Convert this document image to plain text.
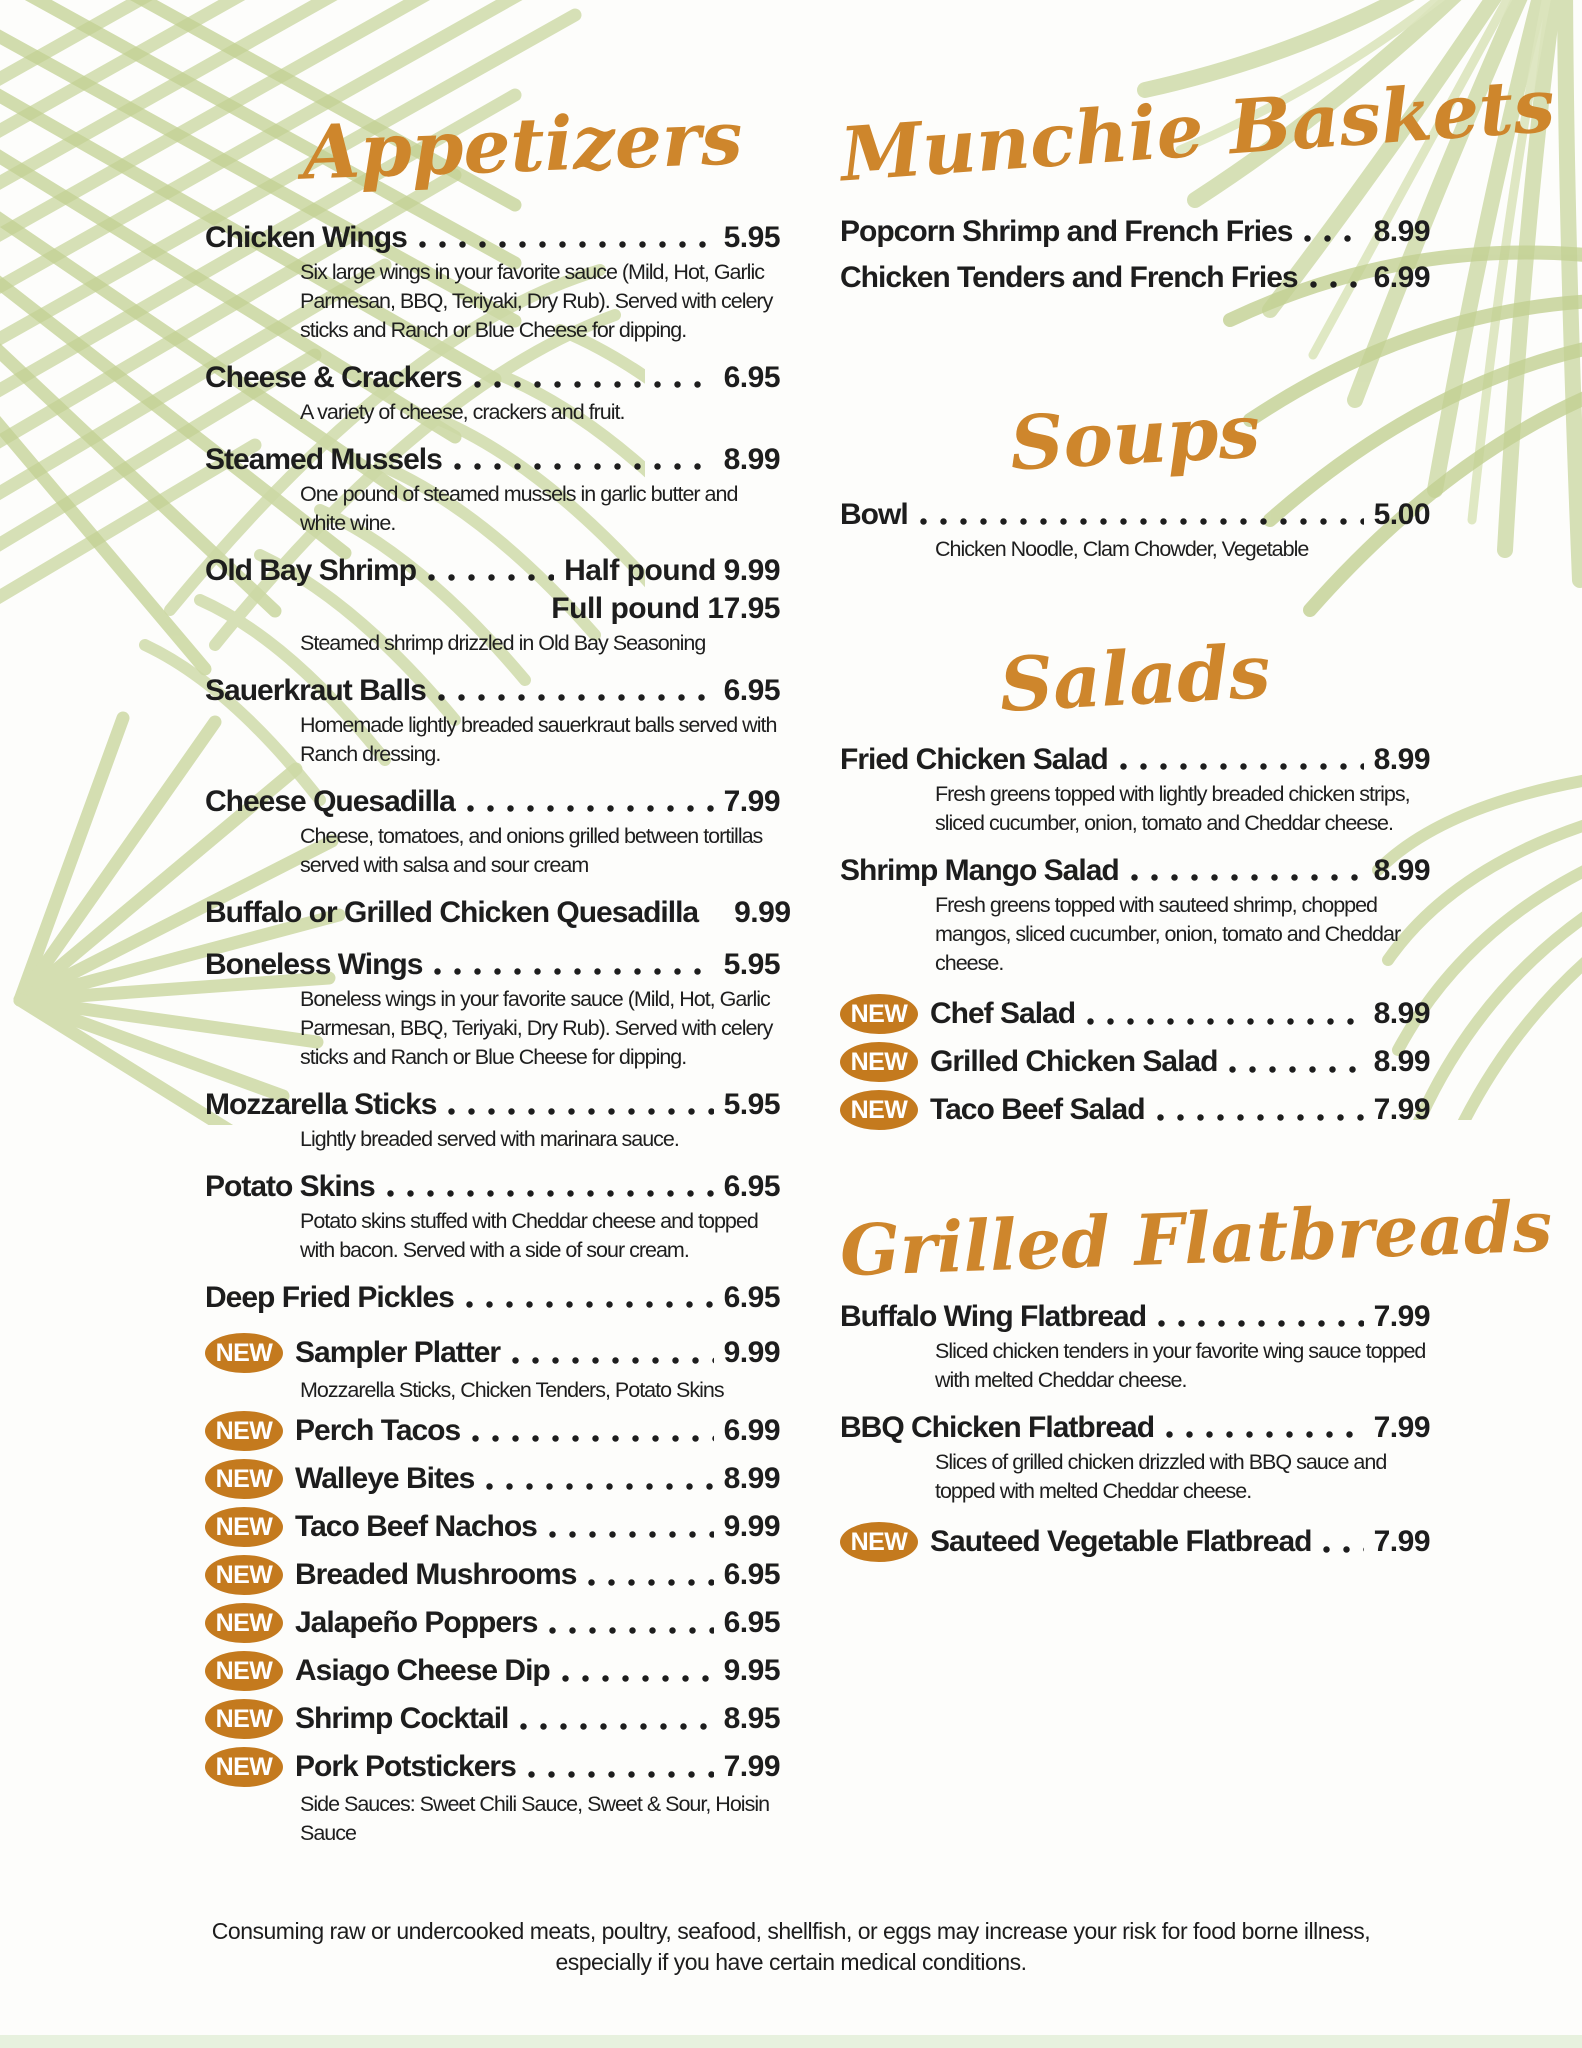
Appetizers
Chicken Wings	5.95
Six large wings in your favorite sauce (Mild, Hot, Garlic Parmesan, BBQ, Teriyaki, Dry Rub). Served with celery sticks and Ranch or Blue Cheese for dipping.
Cheese & Crackers	6.95
A variety of cheese, crackers and fruit.
Steamed Mussels	8.99
One pound of steamed mussels in garlic butter and white wine.
Old Bay Shrimp	Half pound 9.99
Full pound 17.95
Steamed shrimp drizzled in Old Bay Seasoning
Sauerkraut Balls	6.95
Homemade lightly breaded sauerkraut balls served with Ranch dressing.
Cheese Quesadilla	7.99
Cheese, tomatoes, and onions grilled between tortillas served with salsa and sour cream
Buffalo or Grilled Chicken Quesadilla 9.99
Boneless Wings	5.95
Boneless wings in your favorite sauce (Mild, Hot, Garlic Parmesan, BBQ, Teriyaki, Dry Rub). Served with celery sticks and Ranch or Blue Cheese for dipping.
Mozzarella Sticks	5.95
Lightly breaded served with marinara sauce.
Potato Skins	6.95
Potato skins stuffed with Cheddar cheese and topped with bacon. Served with a side of sour cream.
Deep Fried Pickles	6.95
NEW Sampler Platter	9.99
Mozzarella Sticks, Chicken Tenders, Potato Skins
NEW Perch Tacos	6.99
NEW Walleye Bites	8.99
NEW Taco Beef Nachos	9.99
NEW Breaded Mushrooms	6.95
NEW Jalapeño Poppers	6.95
NEW Asiago Cheese Dip	9.95
NEW Shrimp Cocktail	8.95
NEW Pork Potstickers	7.99
Side Sauces: Sweet Chili Sauce, Sweet & Sour, Hoisin Sauce
Munchie Baskets
Popcorn Shrimp and French Fries	8.99
Chicken Tenders and French Fries	6.99
Soups
Bowl	5.00
Chicken Noodle, Clam Chowder, Vegetable
Salads
Fried Chicken Salad	8.99
Fresh greens topped with lightly breaded chicken strips, sliced cucumber, onion, tomato and Cheddar cheese.
Shrimp Mango Salad	8.99
Fresh greens topped with sauteed shrimp, chopped mangos, sliced cucumber, onion, tomato and Cheddar cheese.
NEW Chef Salad	8.99
NEW Grilled Chicken Salad	8.99
NEW Taco Beef Salad	7.99
Grilled Flatbreads
Buffalo Wing Flatbread	7.99
Sliced chicken tenders in your favorite wing sauce topped with melted Cheddar cheese.
BBQ Chicken Flatbread	7.99
Slices of grilled chicken drizzled with BBQ sauce and topped with melted Cheddar cheese.
NEW Sauteed Vegetable Flatbread 7.99
Consuming raw or undercooked meats, poultry, seafood, shellfish, or eggs may increase your risk for food borne illness,
especially if you have certain medical conditions.
